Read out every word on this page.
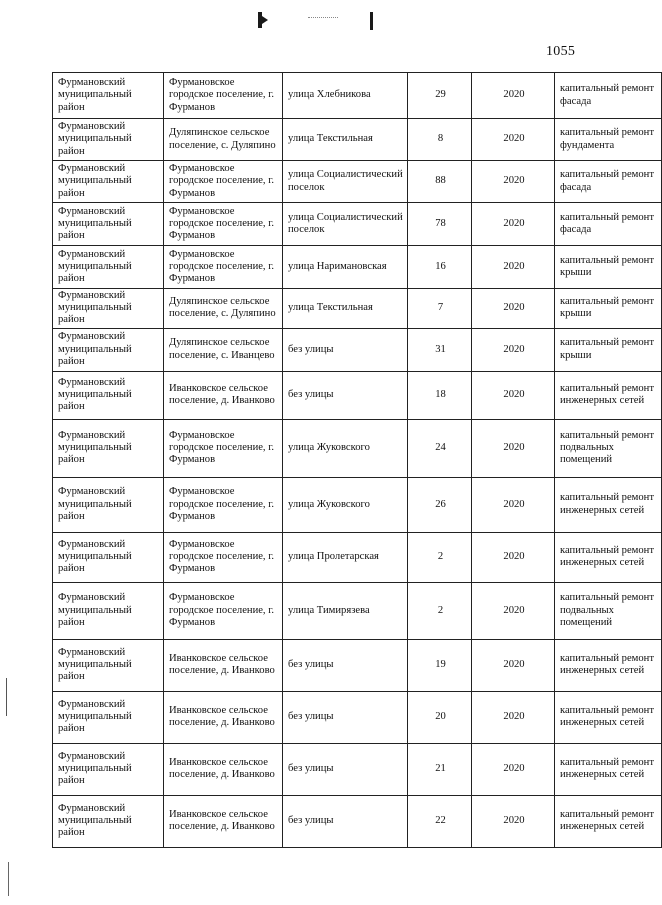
1055
Фурмановский муниципальный район	Фурмановское городское поселение, г. Фурманов	улица Хлебникова	29	2020	капитальный ремонт фасада
Фурмановский муниципальный район	Дуляпинское сельское поселение, с. Дуляпино	улица Текстильная	8	2020	капитальный ремонт фундамента
Фурмановский муниципальный район	Фурмановское городское поселение, г. Фурманов	улица Социалистический поселок	88	2020	капитальный ремонт фасада
Фурмановский муниципальный район	Фурмановское городское поселение, г. Фурманов	улица Социалистический поселок	78	2020	капитальный ремонт фасада
Фурмановский муниципальный район	Фурмановское городское поселение, г. Фурманов	улица Наримановская	16	2020	капитальный ремонт крыши
Фурмановский муниципальный район	Дуляпинское сельское поселение, с. Дуляпино	улица Текстильная	7	2020	капитальный ремонт крыши
Фурмановский муниципальный район	Дуляпинское сельское поселение, с. Иванцево	без улицы	31	2020	капитальный ремонт крыши
Фурмановский муниципальный район	Иванковское сельское поселение, д. Иванково	без улицы	18	2020	капитальный ремонт инженерных сетей
Фурмановский муниципальный район	Фурмановское городское поселение, г. Фурманов	улица Жуковского	24	2020	капитальный ремонт подвальных помещений
Фурмановский муниципальный район	Фурмановское городское поселение, г. Фурманов	улица Жуковского	26	2020	капитальный ремонт инженерных сетей
Фурмановский муниципальный район	Фурмановское городское поселение, г. Фурманов	улица Пролетарская	2	2020	капитальный ремонт инженерных сетей
Фурмановский муниципальный район	Фурмановское городское поселение, г. Фурманов	улица Тимирязева	2	2020	капитальный ремонт подвальных помещений
Фурмановский муниципальный район	Иванковское сельское поселение, д. Иванково	без улицы	19	2020	капитальный ремонт инженерных сетей
Фурмановский муниципальный район	Иванковское сельское поселение, д. Иванково	без улицы	20	2020	капитальный ремонт инженерных сетей
Фурмановский муниципальный район	Иванковское сельское поселение, д. Иванково	без улицы	21	2020	капитальный ремонт инженерных сетей
Фурмановский муниципальный район	Иванковское сельское поселение, д. Иванково	без улицы	22	2020	капитальный ремонт инженерных сетей
